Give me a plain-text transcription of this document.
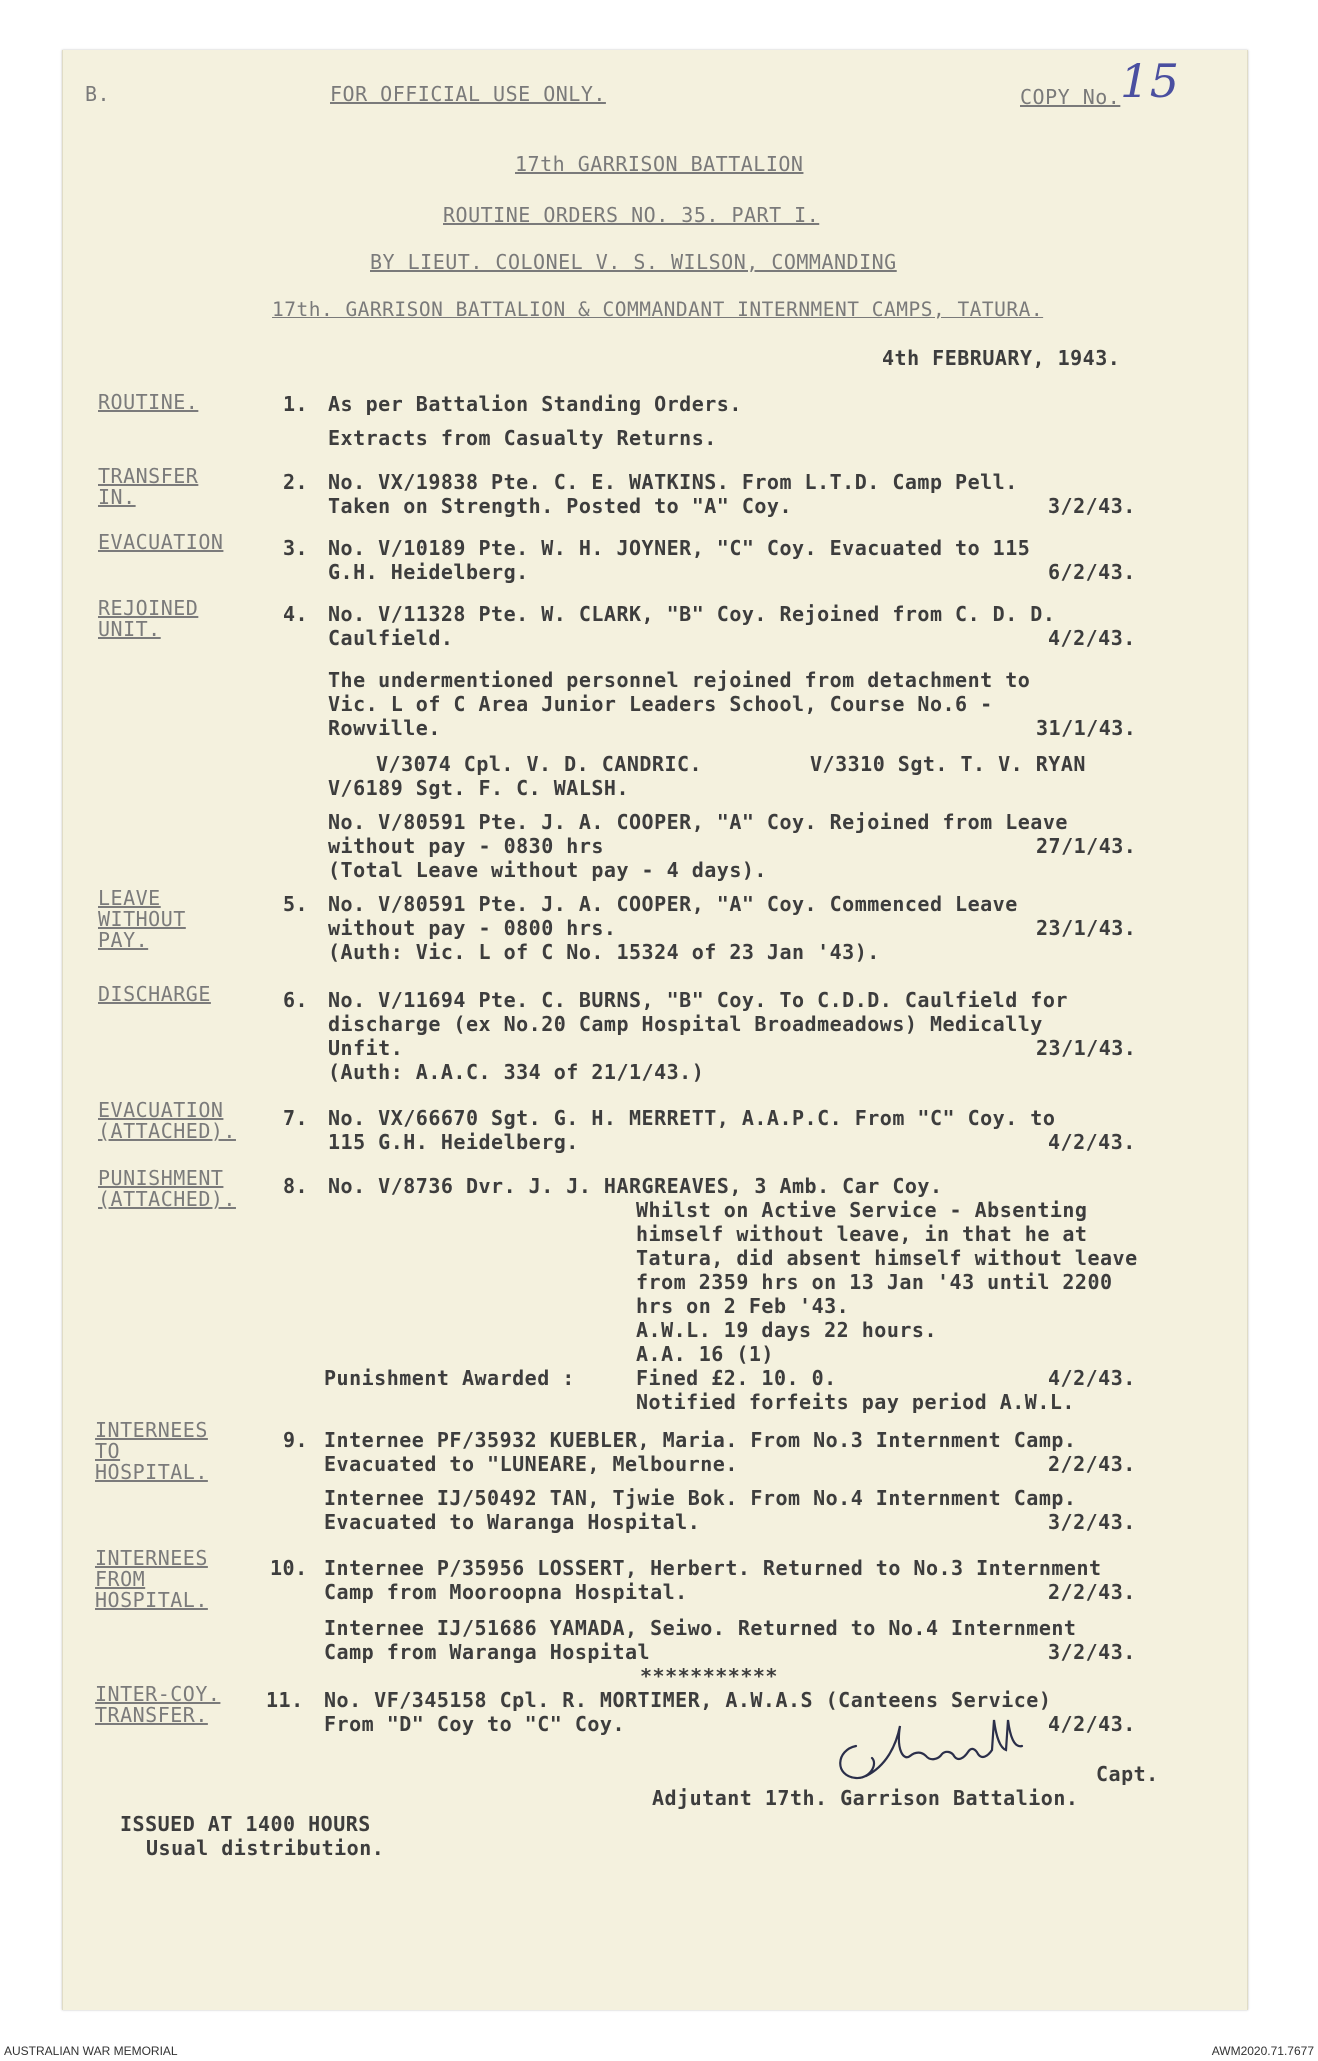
B.	FOR OFFICIAL USE ONLY.	COPY No. 15
17th GARRISON BATTALION
ROUTINE ORDERS NO. 35. PART I.
BY LIEUT. COLONEL V. S. WILSON, COMMANDING
17th. GARRISON BATTALION & COMMANDANT INTERNMENT CAMPS, TATURA.
4th FEBRUARY, 1943.
ROUTINE.	1. As per Battalion Standing Orders.
Extracts from Casualty Returns.
TRANSFER
IN.
2. No. VX/19838 Pte. C. E. WATKINS. From L.T.D. Camp Pell.
Taken on Strength. Posted to "A" Coy.	3/2/43.
EVACUATION	3. No. V/10189 Pte. W. H. JOYNER, "C" Coy. Evacuated to 115
G.H. Heidelberg.	6/2/43.
REJOINED
UNIT.
4. No. V/11328 Pte. W. CLARK, "B" Coy. Rejoined from C. D. D.
Caulfield.	4/2/43.
The undermentioned personnel rejoined from detachment to
Vic. L of C Area Junior Leaders School, Course No.6 -
Rowville.	31/1/43.
V/3074 Cpl. V. D. CANDRIC.	V/3310 Sgt. T. V. RYAN
V/6189 Sgt. F. C. WALSH.
No. V/80591 Pte. J. A. COOPER, "A" Coy. Rejoined from Leave
without pay - 0830 hrs	27/1/43.
(Total Leave without pay - 4 days).
LEAVE
WITHOUT
PAY.
5. No. V/80591 Pte. J. A. COOPER, "A" Coy. Commenced Leave
without pay - 0800 hrs.	23/1/43.
(Auth: Vic. L of C No. 15324 of 23 Jan '43).
DISCHARGE	6. No. V/11694 Pte. C. BURNS, "B" Coy. To C.D.D. Caulfield for
discharge (ex No.20 Camp Hospital Broadmeadows) Medically
Unfit.	23/1/43.
(Auth: A.A.C. 334 of 21/1/43.)
EVACUATION
(ATTACHED).
7. No. VX/66670 Sgt. G. H. MERRETT, A.A.P.C. From "C" Coy. to
115 G.H. Heidelberg.	4/2/43.
PUNISHMENT
(ATTACHED).
8. No. V/8736 Dvr. J. J. HARGREAVES, 3 Amb. Car Coy.
Whilst on Active Service - Absenting
himself without leave, in that he at
Tatura, did absent himself without leave
from 2359 hrs on 13 Jan '43 until 2200
hrs on 2 Feb '43.
A.W.L. 19 days 22 hours.
A.A. 16 (1)
Punishment Awarded :	Fined £2. 10. 0.	4/2/43.
Notified forfeits pay period A.W.L.
INTERNEES
TO
HOSPITAL.
9. Internee PF/35932 KUEBLER, Maria. From No.3 Internment Camp.
Evacuated to "LUNEARE, Melbourne.	2/2/43.
Internee IJ/50492 TAN, Tjwie Bok. From No.4 Internment Camp.
Evacuated to Waranga Hospital.	3/2/43.
INTERNEES
FROM
HOSPITAL.
10. Internee P/35956 LOSSERT, Herbert. Returned to No.3 Internment
Camp from Mooroopna Hospital.	2/2/43.
Internee IJ/51686 YAMADA, Seiwo. Returned to No.4 Internment
Camp from Waranga Hospital	3/2/43.
***********
INTER-COY.
TRANSFER.
11. No. VF/345158 Cpl. R. MORTIMER, A.W.A.S (Canteens Service)
From "D" Coy to "C" Coy.	4/2/43.
Capt.
Adjutant 17th. Garrison Battalion.
ISSUED AT 1400 HOURS
Usual distribution.
AUSTRALIAN WAR MEMORIAL	AWM2020.71.7677
